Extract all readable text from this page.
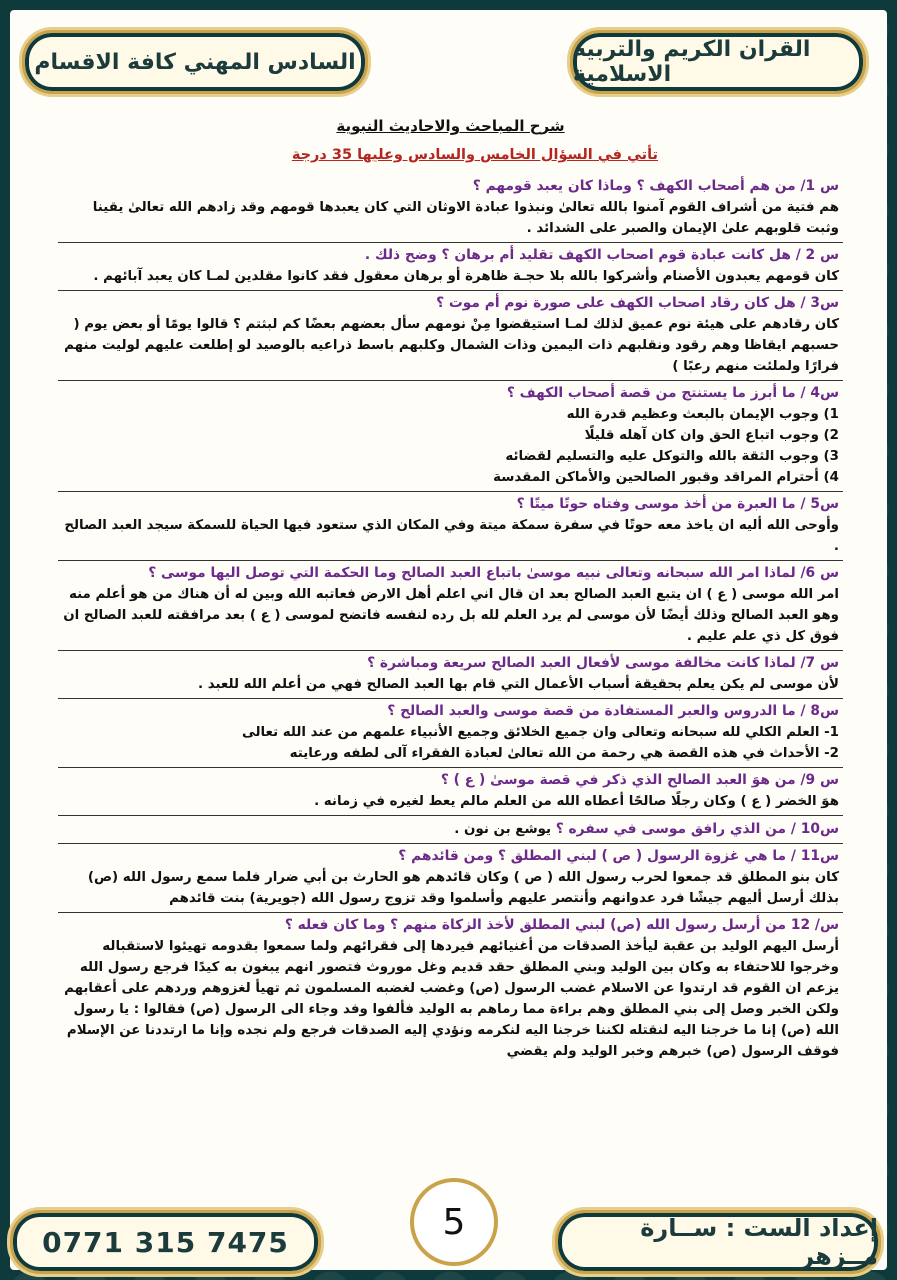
القران الكريم والتربية الاسلامية
السادس المهني كافة الاقسام
شرح المباحث والاحاديث النبوية
تأتي في السؤال الخامس والسادس وعليها 35 درجة
س 1/ من هم أصحاب الكهف ؟ وماذا كان يعبد قومهم ؟

هم فتية من أشراف القوم آمنوا بالله تعالىٰ ونبذوا عبادة الاوثان التي كان يعبدها قومهم وقد زادهم الله تعالىٰ يقينا وثبت قلوبهم علىٰ الإيمان والصبر على الشدائد .

س 2 / هل كانت عبادة قوم اصحاب الكهف تقليد أم برهان ؟ وضح ذلك .

كان قومهم يعبدون الأصنام وأشركوا بالله بلا حجـة ظاهرة أو برهان معقول فقد كانوا مقلدين لمـا كان يعبد آبائهم .

س3 / هل كان رقاد اصحاب الكهف على صورة نوم أم موت ؟

كان رقادهم على هيئة نوم عميق لذلك لمـا استيقضوا مِنْ نومهم سأل بعضهم بعضًا كم لبثتم ؟ قالوا يومًا أو بعض يوم ( حسبهم ايقاظا وهم رقود ونقلبهم ذات اليمين وذات الشمال وكلبهم باسط ذراعيه بالوصيد لو إطلعت عليهم لوليت منهم فرارًا ولملئت منهم رعبًا )

س4 / ما أبرز ما يستنتج من قصة أصحاب الكهف ؟

1) وجوب الإيمان بالبعث وعظيم قدرة الله

2) وجوب اتباع الحق وان كان آهله قليلًا

3) وجوب الثقة بالله والتوكل عليه والتسليم لقضائه

4) أحترام المراقد وقبور الصالحين والأماكن المقدسة

س5 / ما العبرة من أخذ موسى وفتاه حوتًا ميتًا ؟

وأوحى الله أليه ان ياخذ معه حوتًا في سفرة سمكة ميتة وفي المكان الذي ستعود فيها الحياة للسمكة سيجد العبد الصالح .

س 6/ لماذا امر الله سبحانه وتعالى نبيه موسىٰ باتباع العبد الصالح وما الحكمة التي توصل اليها موسى ؟

امر الله موسى ( ع ) ان يتبع العبد الصالح بعد ان قال اني اعلم أهل الارض فعاتبه الله وبين له أن هناك من هو أعلم منه وهو العبد الصالح وذلك أيضًا لأن موسى لم يرد العلم لله بل رده لنفسه فاتضح لموسى ( ع ) بعد مرافقته للعبد الصالح ان فوق كل ذي علم عليم .

س 7/ لماذا كانت مخالفة موسى لأفعال العبد الصالح سريعة ومباشرة ؟

لأن موسى لم يكن يعلم بحقيقة أسباب الأعمال التي قام بها العبد الصالح فهي من أعلم الله للعبد .

س8 / ما الدروس والعبر المستفادة من قصة موسى والعبد الصالح ؟

1- العلم الكلي لله سبحانه وتعالى وان جميع الخلائق وجميع الأنبياء علمهم من عند الله تعالى

2- الأحداث في هذه القصة هي رحمة من الله تعالىٰ لعبادة الفقراء آلى لطفه ورعايته

س 9/ من هوَ العبد الصالح الذي ذكر في قصة موسىٰ ( ع ) ؟

هوَ الخضر ( ع ) وكان رجلًا صالحًا أعطاه الله من العلم مالم يعط لغيره في زمانه .

س10 / من الذي رافق موسى في سفره ؟ يوشع بن نون .
س11 / ما هي غزوة الرسول ( ص ) لبني المطلق ؟ ومن قائدهم ؟

كان بنو المطلق قد جمعوا لحرب رسول الله ( ص ) وكان قائدهم هو الحارث بن أبي ضرار فلما سمع رسول الله (ص) بذلك أرسل أليهم جيشًا فرد عدوانهم وأنتصر عليهم وأسلموا وقد تزوج رسول الله (جويرية) بنت قائدهم

س/ 12 من أرسل رسول الله (ص) لبني المطلق لأخذ الزكاة منهم ؟ وما كان فعله ؟

أرسل اليهم الوليد بن عقبة ليأخذ الصدقات من أغنيائهم فيردها إلى فقرائهم ولما سمعوا بقدومه تهيئوا لاستقباله وخرجوا للاحتفاء به وكان بين الوليد وبني المطلق حقد قديم وغل موروث فتصور انهم يبغون به كيدًا فرجع رسول الله يزعم ان القوم قد ارتدوا عن الاسلام غضب الرسول (ص) وغضب لغضبه المسلمون ثم تهيأ لغزوهم وردهم على أعقابهم ولكن الخبر وصل إلى بني المطلق وهم براءة مما رماهم به الوليد فألفوا وفد وجاء الى الرسول (ص) فقالوا : يا رسول الله (ص) إنا ما خرجنا اليه لنقتله لكننا خرجنا اليه لنكرمه ونؤدي إليه الصدقات فرجع ولم نجده وإنا ما ارتددنا عن الإسلام فوقف الرسول (ص) خبرهم وخبر الوليد ولم يقضي

0771 315 7475	إعداد الست : ســارة مــزهر
5
